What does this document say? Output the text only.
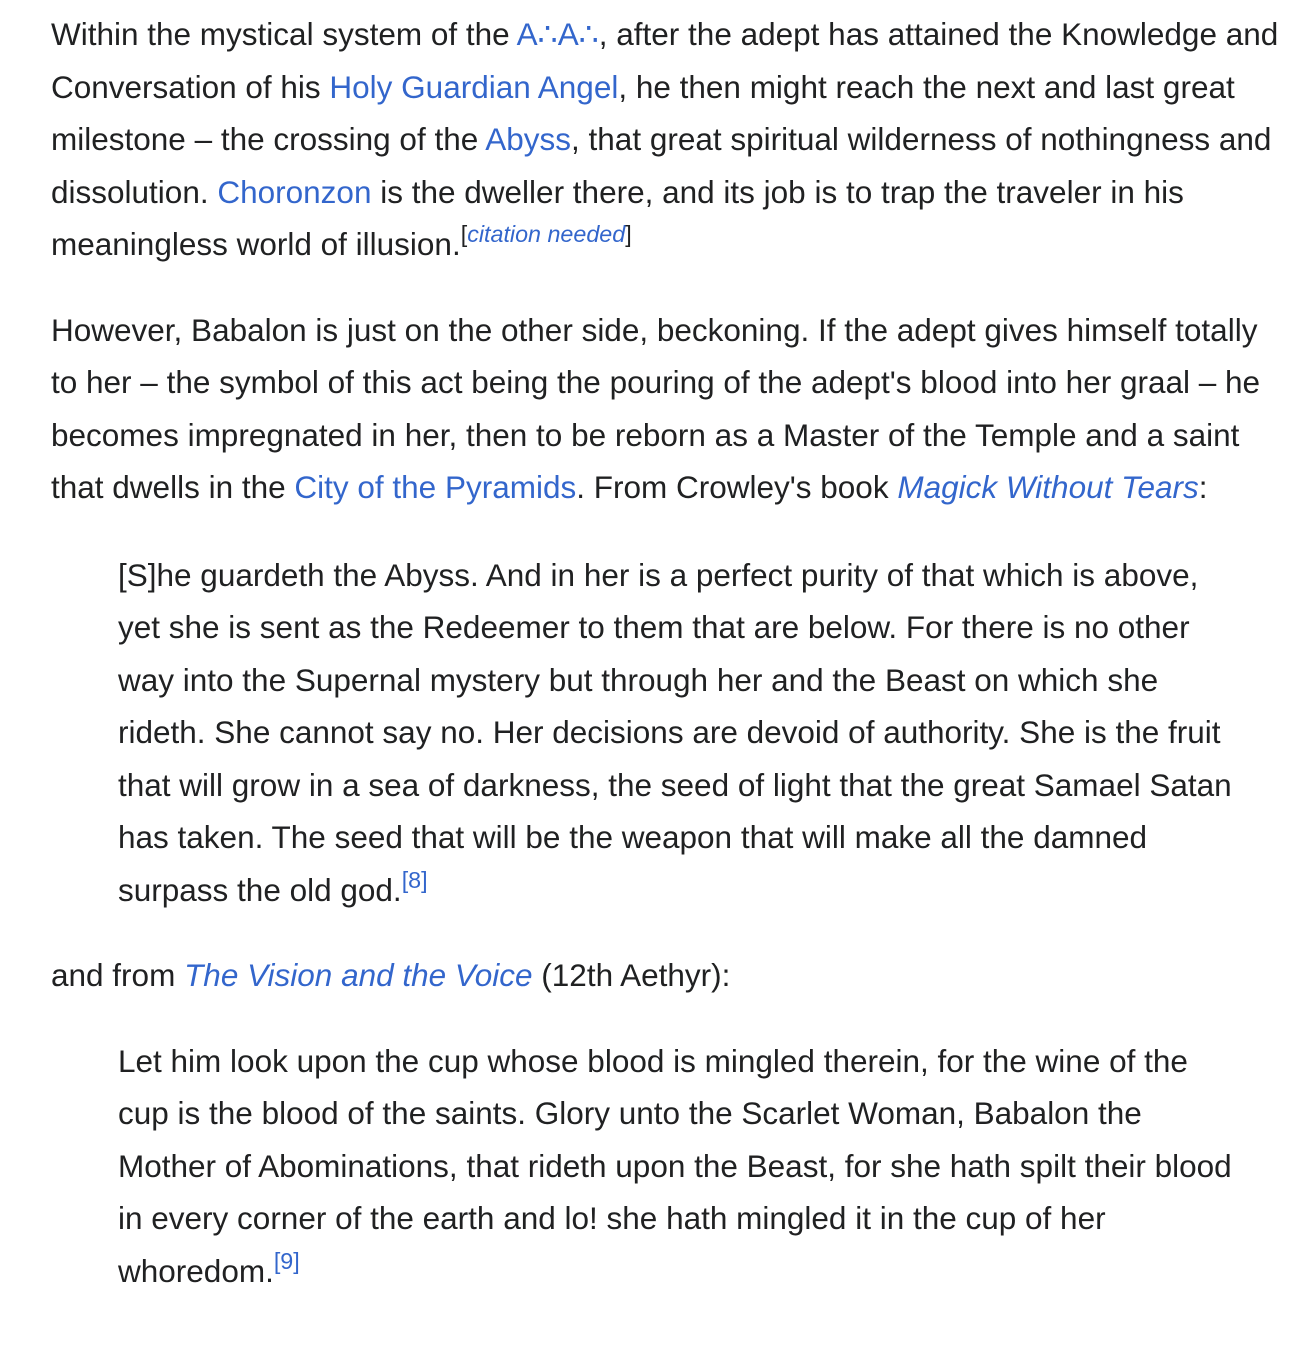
Within the mystical system of the A∴A∴, after the adept has attained the Knowledge and Conversation of his Holy Guardian Angel, he then might reach the next and last great milestone – the crossing of the Abyss, that great spiritual wilderness of nothingness and dissolution. Choronzon is the dweller there, and its job is to trap the traveler in his meaningless world of illusion.[citation needed]

However, Babalon is just on the other side, beckoning. If the adept gives himself totally to her – the symbol of this act being the pouring of the adept's blood into her graal – he becomes impregnated in her, then to be reborn as a Master of the Temple and a saint that dwells in the City of the Pyramids. From Crowley's book Magick Without Tears:

[S]he guardeth the Abyss. And in her is a perfect purity of that which is above, yet she is sent as the Redeemer to them that are below. For there is no other way into the Supernal mystery but through her and the Beast on which she rideth. She cannot say no. Her decisions are devoid of authority. She is the fruit that will grow in a sea of darkness, the seed of light that the great Samael Satan has taken. The seed that will be the weapon that will make all the damned surpass the old god.[8]

and from The Vision and the Voice (12th Aethyr):

Let him look upon the cup whose blood is mingled therein, for the wine of the cup is the blood of the saints. Glory unto the Scarlet Woman, Babalon the Mother of Abominations, that rideth upon the Beast, for she hath spilt their blood in every corner of the earth and lo! she hath mingled it in the cup of her whoredom.[9]
